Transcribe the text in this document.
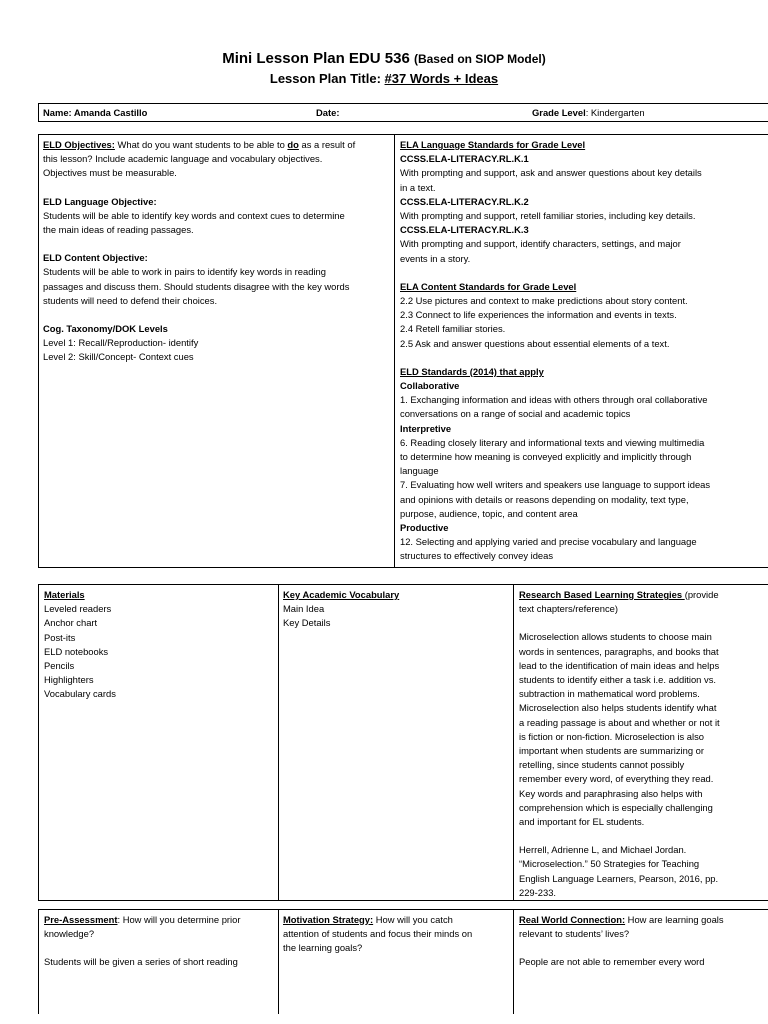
Mini Lesson Plan EDU 536 (Based on SIOP Model)
Lesson Plan Title: #37 Words + Ideas
Name: Amanda Castillo	Date:	Grade Level: Kindergarten

ELD Objectives: What do you want students to be able to do as a result of

this lesson? Include academic language and vocabulary objectives.

Objectives must be measurable.

ELD Language Objective:

Students will be able to identify key words and context cues to determine

the main ideas of reading passages.

ELD Content Objective:

Students will be able to work in pairs to identify key words in reading

passages and discuss them. Should students disagree with the key words

students will need to defend their choices.

Cog. Taxonomy/DOK Levels

Level 1: Recall/Reproduction- identify

Level 2: Skill/Concept- Context cues

ELA Language Standards for Grade Level

CCSS.ELA-LITERACY.RL.K.1

With prompting and support, ask and answer questions about key details

in a text.

CCSS.ELA-LITERACY.RL.K.2

With prompting and support, retell familiar stories, including key details.

CCSS.ELA-LITERACY.RL.K.3

With prompting and support, identify characters, settings, and major

events in a story.

ELA Content Standards for Grade Level

2.2 Use pictures and context to make predictions about story content.

2.3 Connect to life experiences the information and events in texts.

2.4 Retell familiar stories.

2.5 Ask and answer questions about essential elements of a text.

ELD Standards (2014) that apply

Collaborative

1. Exchanging information and ideas with others through oral collaborative

conversations on a range of social and academic topics

Interpretive

6. Reading closely literary and informational texts and viewing multimedia

to determine how meaning is conveyed explicitly and implicitly through

language

7. Evaluating how well writers and speakers use language to support ideas

and opinions with details or reasons depending on modality, text type,

purpose, audience, topic, and content area

Productive

12. Selecting and applying varied and precise vocabulary and language

structures to effectively convey ideas

Materials

Leveled readers

Anchor chart

Post-its

ELD notebooks

Pencils

Highlighters

Vocabulary cards

Key Academic Vocabulary

Main Idea

Key Details

Research Based Learning Strategies (provide

text chapters/reference)

Microselection allows students to choose main

words in sentences, paragraphs, and books that

lead to the identification of main ideas and helps

students to identify either a task i.e. addition vs.

subtraction in mathematical word problems.

Microselection also helps students identify what

a reading passage is about and whether or not it

is fiction or non-fiction. Microselection is also

important when students are summarizing or

retelling, since students cannot possibly

remember every word, of everything they read.

Key words and paraphrasing also helps with

comprehension which is especially challenging

and important for EL students.

Herrell, Adrienne L, and Michael Jordan.

“Microselection.” 50 Strategies for Teaching

English Language Learners, Pearson, 2016, pp.

229-233.

Pre-Assessment: How will you determine prior

knowledge?

Students will be given a series of short reading

Motivation Strategy: How will you catch

attention of students and focus their minds on

the learning goals?

Real World Connection: How are learning goals

relevant to students’ lives?

People are not able to remember every word
